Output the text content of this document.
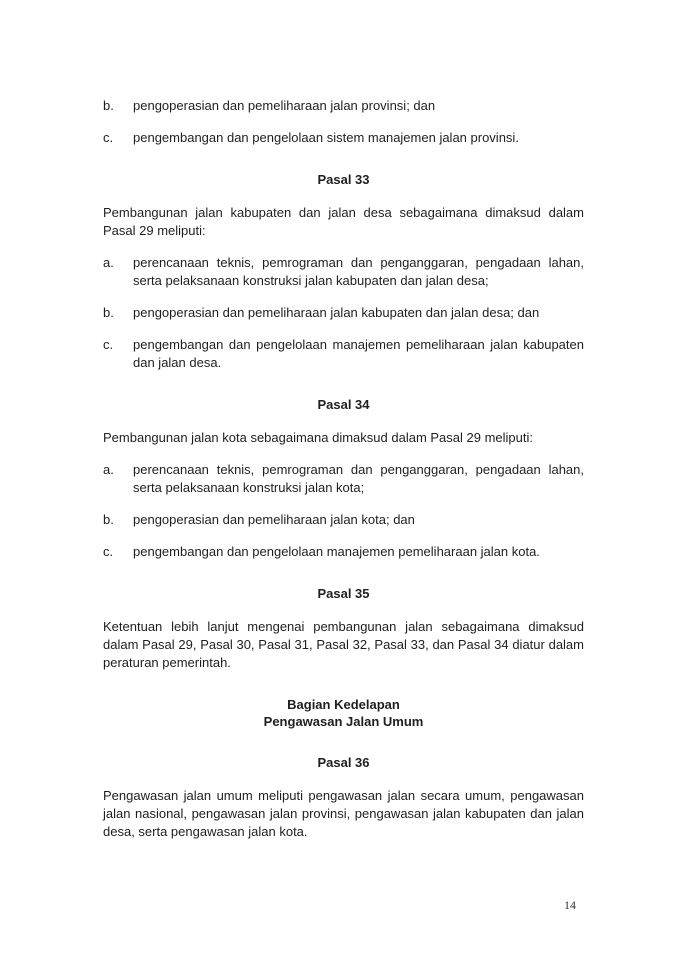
b. pengoperasian dan pemeliharaan jalan provinsi; dan
c. pengembangan dan pengelolaan sistem manajemen jalan provinsi.
Pasal 33

Pembangunan jalan kabupaten dan jalan desa sebagaimana dimaksud dalam Pasal 29 meliputi:

a. perencanaan teknis, pemrograman dan penganggaran, pengadaan lahan, serta pelaksanaan konstruksi jalan kabupaten dan jalan desa;
b. pengoperasian dan pemeliharaan jalan kabupaten dan jalan desa; dan
c. pengembangan dan pengelolaan manajemen pemeliharaan jalan kabupaten dan jalan desa.
Pasal 34

Pembangunan jalan kota sebagaimana dimaksud dalam Pasal 29 meliputi:

a. perencanaan teknis, pemrograman dan penganggaran, pengadaan lahan, serta pelaksanaan konstruksi jalan kota;
b. pengoperasian dan pemeliharaan jalan kota; dan
c. pengembangan dan pengelolaan manajemen pemeliharaan jalan kota.
Pasal 35

Ketentuan lebih lanjut mengenai pembangunan jalan sebagaimana dimaksud dalam Pasal 29, Pasal 30, Pasal 31, Pasal 32, Pasal 33, dan Pasal 34 diatur dalam peraturan pemerintah.

Bagian Kedelapan
Pengawasan Jalan Umum
Pasal 36

Pengawasan jalan umum meliputi pengawasan jalan secara umum, pengawasan jalan nasional, pengawasan jalan provinsi, pengawasan jalan kabupaten dan jalan desa, serta pengawasan jalan kota.

14
